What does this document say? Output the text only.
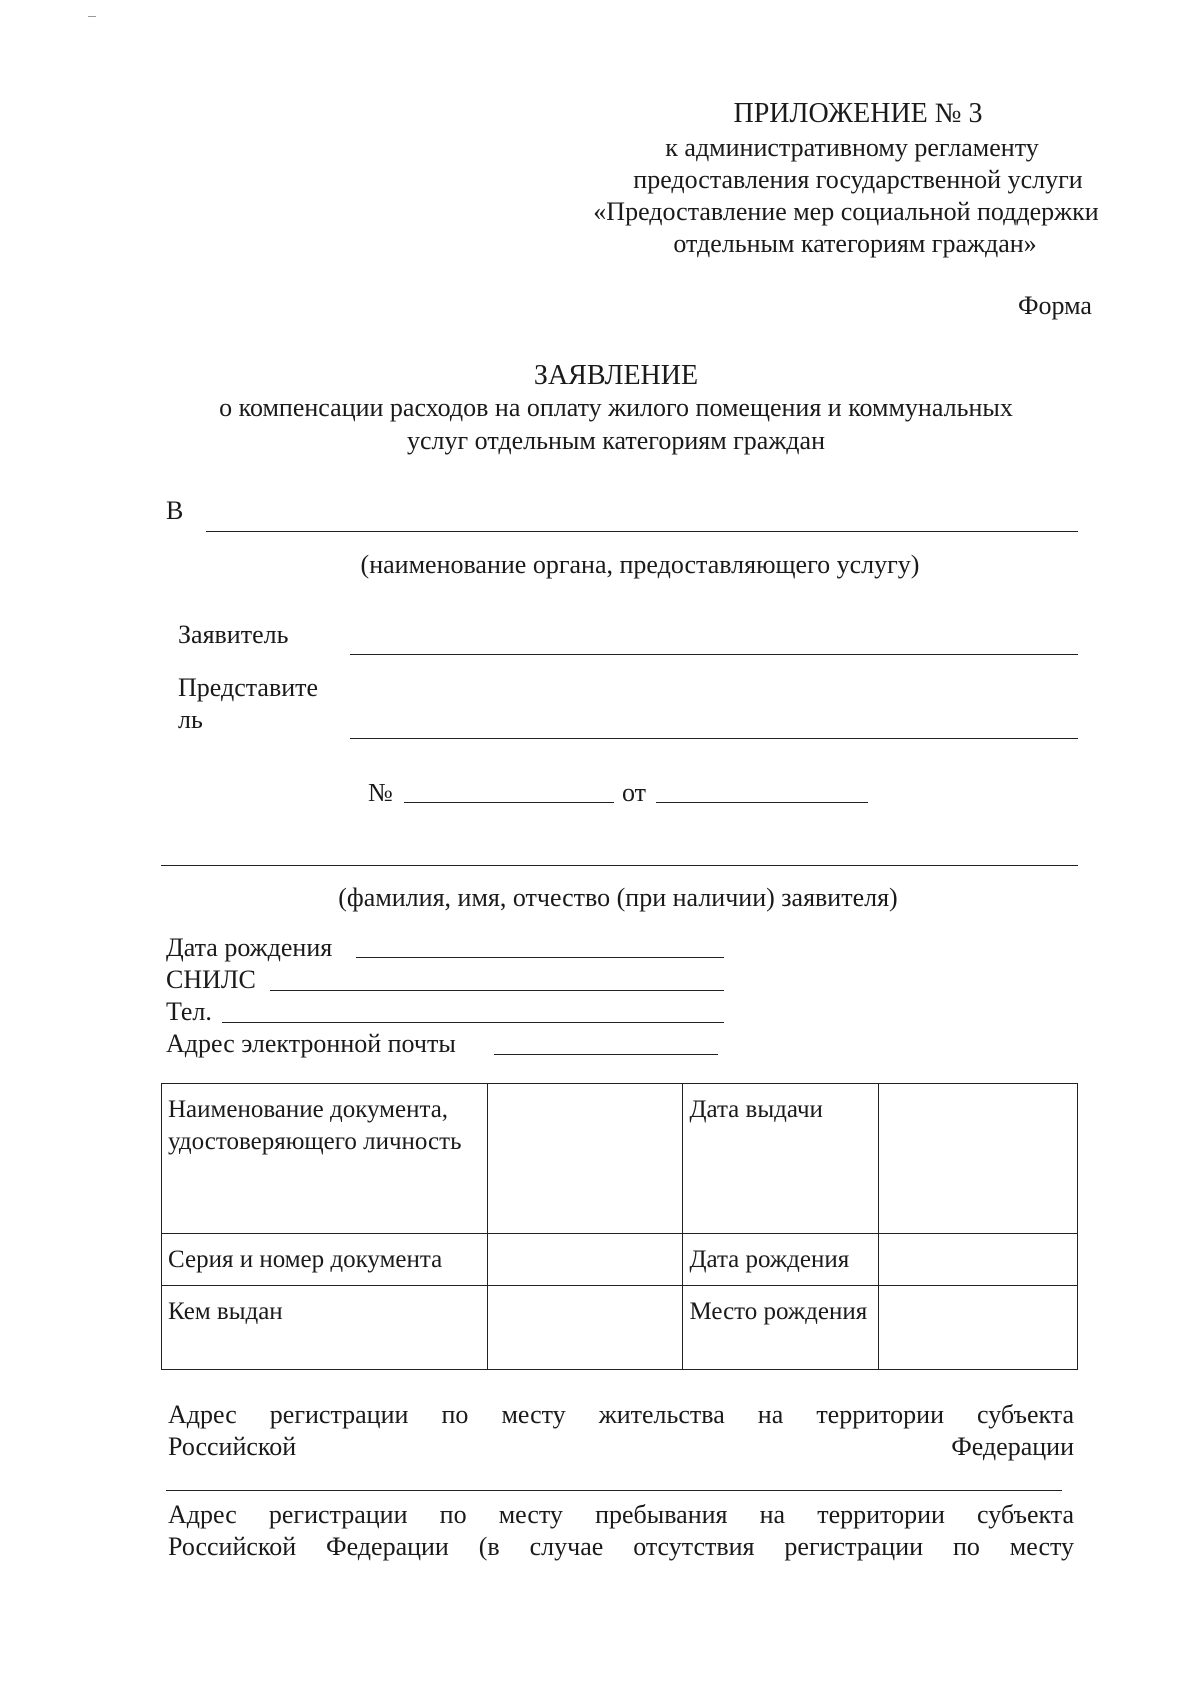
ПРИЛОЖЕНИЕ № 3
к административному регламенту
предоставления государственной услуги
«Предоставление мер социальной поддержки
отдельным категориям граждан»
Форма
ЗАЯВЛЕНИЕ
о компенсации расходов на оплату жилого помещения и коммунальных
услуг отдельным категориям граждан
В
(наименование органа, предоставляющего услугу)
Заявитель
Представите
ль
№	от
(фамилия, имя, отчество (при наличии) заявителя)
Дата рождения
СНИЛС
Тел.
Адрес электронной почты
Наименование документа, удостоверяющего личность		Дата выдачи	
Серия и номер документа		Дата рождения	
Кем выдан		Место рождения	
Адрес регистрации по месту жительства на территории субъекта
Российской Федерации
Адрес регистрации по месту пребывания на территории субъекта
Российской Федерации (в случае отсутствия регистрации по месту
